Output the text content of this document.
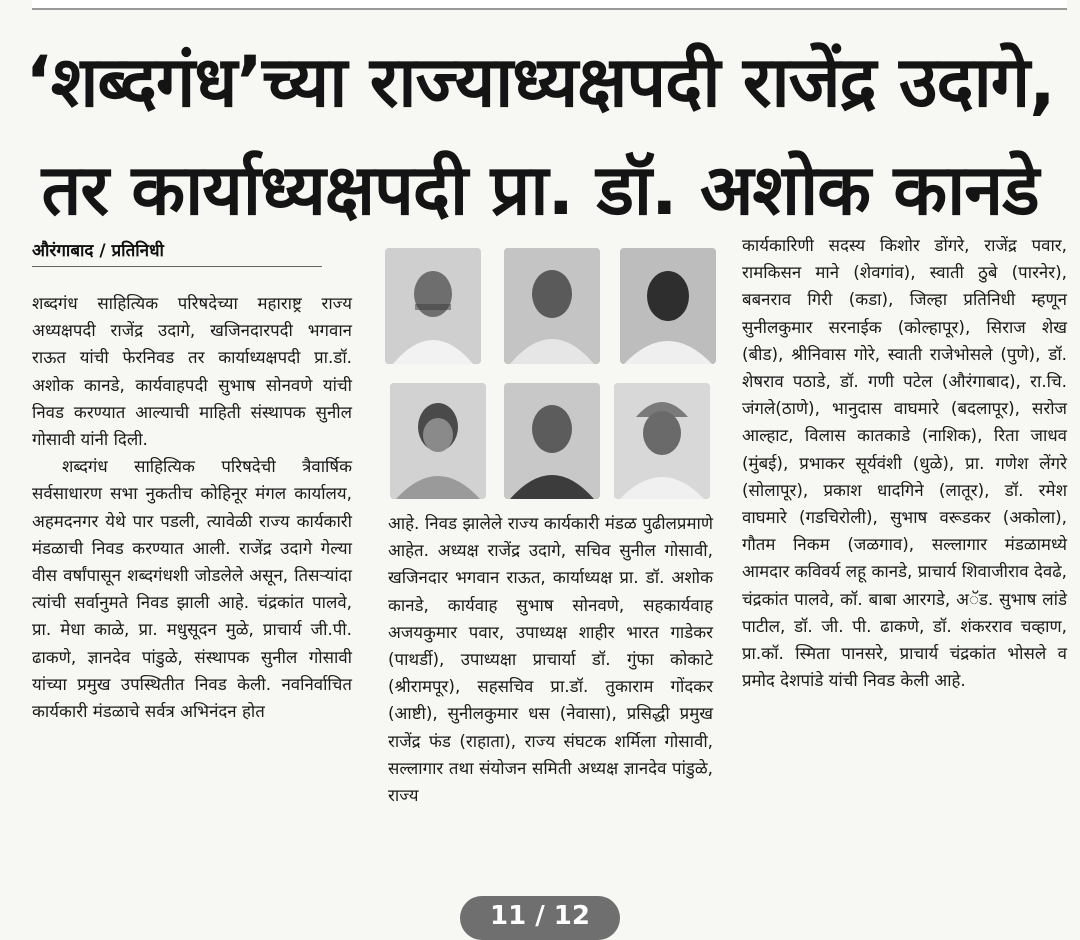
‘शब्दगंध’च्या राज्याध्यक्षपदी राजेंद्र उदागे,
तर कार्याध्यक्षपदी प्रा. डॉ. अशोक कानडे
औरंगाबाद / प्रतिनिधी

शब्दगंध साहित्यिक परिषदेच्या महाराष्ट्र राज्य अध्यक्षपदी राजेंद्र उदागे, खजिनदारपदी भगवान राऊत यांची फेरनिवड तर कार्याध्यक्षपदी प्रा.डॉ. अशोक कानडे, कार्यवाहपदी सुभाष सोनवणे यांची निवड करण्यात आल्याची माहिती संस्थापक सुनील गोसावी यांनी दिली.

शब्दगंध साहित्यिक परिषदेची त्रैवार्षिक सर्वसाधारण सभा नुकतीच कोहिनूर मंगल कार्यालय, अहमदनगर येथे पार पडली, त्यावेळी राज्य कार्यकारी मंडळाची निवड करण्यात आली. राजेंद्र उदागे गेल्या वीस वर्षांपासून ‌शब्दगंध‌शी जोडलेले असून, तिसऱ्यांदा त्यांची सर्वानुमते निवड झाली आहे. चंद्रकांत पालवे, प्रा. मेधा काळे, प्रा. मधुसूदन मुळे, प्राचार्य जी.पी. ढाकणे, ज्ञानदेव पांडुळे, संस्थापक सुनील गोसावी यांच्या प्रमुख उपस्थितीत निवड केली. नवनिर्वाचित कार्यकारी मंडळाचे सर्वत्र अभिनंदन होत

आहे. निवड झालेले राज्य कार्यकारी मंडळ पुढीलप्रमाणे आहेत. अध्यक्ष राजेंद्र उदागे, सचिव सुनील गोसावी, खजिनदार भगवान राऊत, कार्याध्यक्ष प्रा. डॉ. अशोक कानडे, कार्यवाह सुभाष सोनवणे, सहकार्यवाह अजयकुमार पवार, उपाध्यक्ष शाहीर भारत गाडेकर (पाथर्डी), उपाध्यक्षा प्राचार्या डॉ. गुंफा कोकाटे (श्रीरामपूर), सहसचिव प्रा.डॉ. तुकाराम गोंदकर (आष्टी), सुनीलकुमार धस (नेवासा), प्रसिद्धी प्रमुख राजेंद्र फंड (राहाता), राज्य संघटक शर्मिला गोसावी, सल्लागार तथा संयोजन समिती अध्यक्ष ज्ञानदेव पांडुळे, राज्य

कार्यकारिणी सदस्य किशोर डोंगरे, राजेंद्र पवार, रामकिसन माने (शेवगांव), स्वाती ठुबे (पारनेर), बबनराव गिरी (कडा), जिल्हा प्रतिनिधी म्हणून सुनीलकुमार सरनाईक (कोल्हापूर), सिराज शेख (बीड), श्रीनिवास गोरे, स्वाती राजेभोसले (पुणे), डॉ. शेषराव पठाडे, डॉ. गणी पटेल (औरंगाबाद), रा.चि. जंगले(ठाणे), भानुदास वाघमारे (बदलापूर), सरोज आल्हाट, विलास कातकाडे (नाशिक), रिता जाधव (मुंबई), प्रभाकर सूर्यवंशी (धुळे), प्रा. गणेश लेंगरे (सोलापूर), प्रकाश धादगिने (लातूर), डॉ. रमेश वाघमारे (गडचिरोली), सुभाष वरूडकर (अकोला), गौतम निकम (जळगाव), सल्लागार मंडळामध्ये आमदार कविवर्य लहू कानडे, प्राचार्य शिवाजीराव देवढे, चंद्रकांत पालवे, कॉ. बाबा आरगडे, अॅड. सुभाष लांडे पाटील, डॉ. जी. पी. ढाकणे, डॉ. शंकरराव चव्हाण, प्रा.कॉ. स्मिता पानसरे, प्राचार्य चंद्रकांत भोसले व प्रमोद देशपांडे यांची निवड केली आहे.

11 / 12
